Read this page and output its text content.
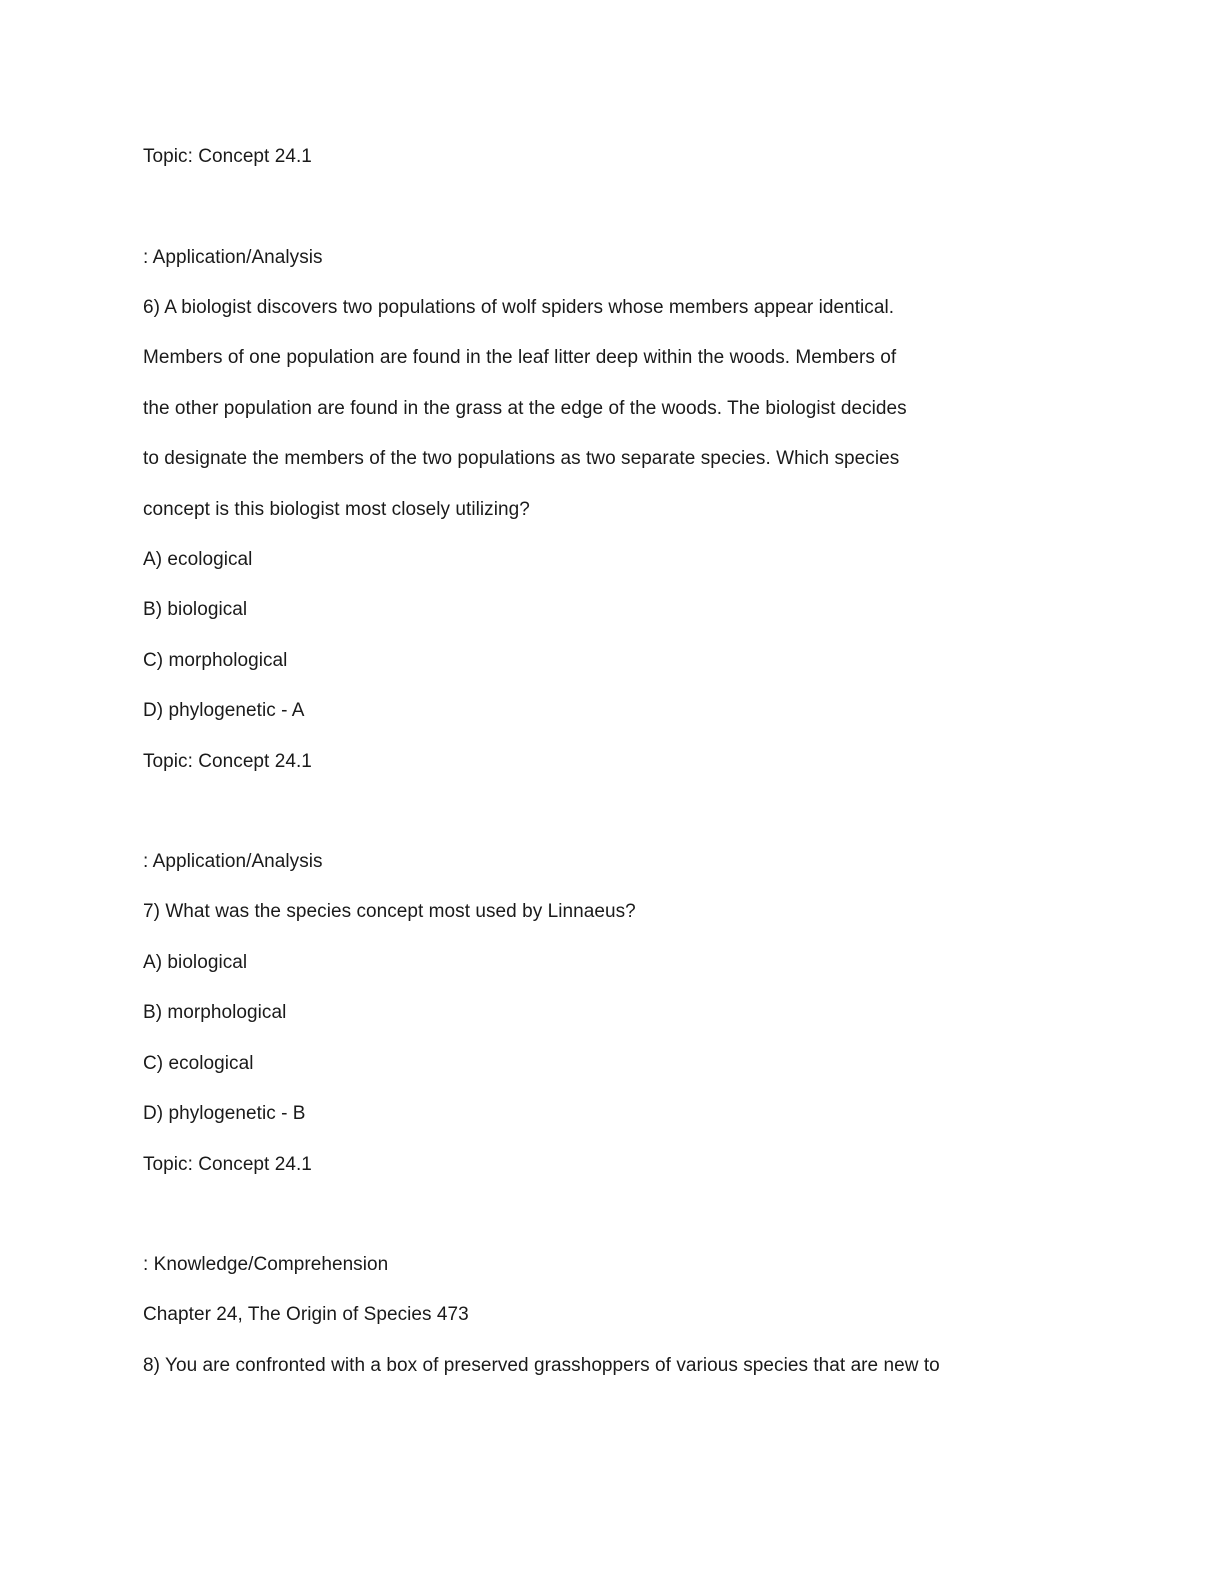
Topic: Concept 24.1
: Application/Analysis
6) A biologist discovers two populations of wolf spiders whose members appear identical.
Members of one population are found in the leaf litter deep within the woods. Members of
the other population are found in the grass at the edge of the woods. The biologist decides
to designate the members of the two populations as two separate species. Which species
concept is this biologist most closely utilizing?
A) ecological
B) biological
C) morphological
D) phylogenetic - A
Topic: Concept 24.1
: Application/Analysis
7) What was the species concept most used by Linnaeus?
A) biological
B) morphological
C) ecological
D) phylogenetic - B
Topic: Concept 24.1
: Knowledge/Comprehension
Chapter 24, The Origin of Species 473
8) You are confronted with a box of preserved grasshoppers of various species that are new to
